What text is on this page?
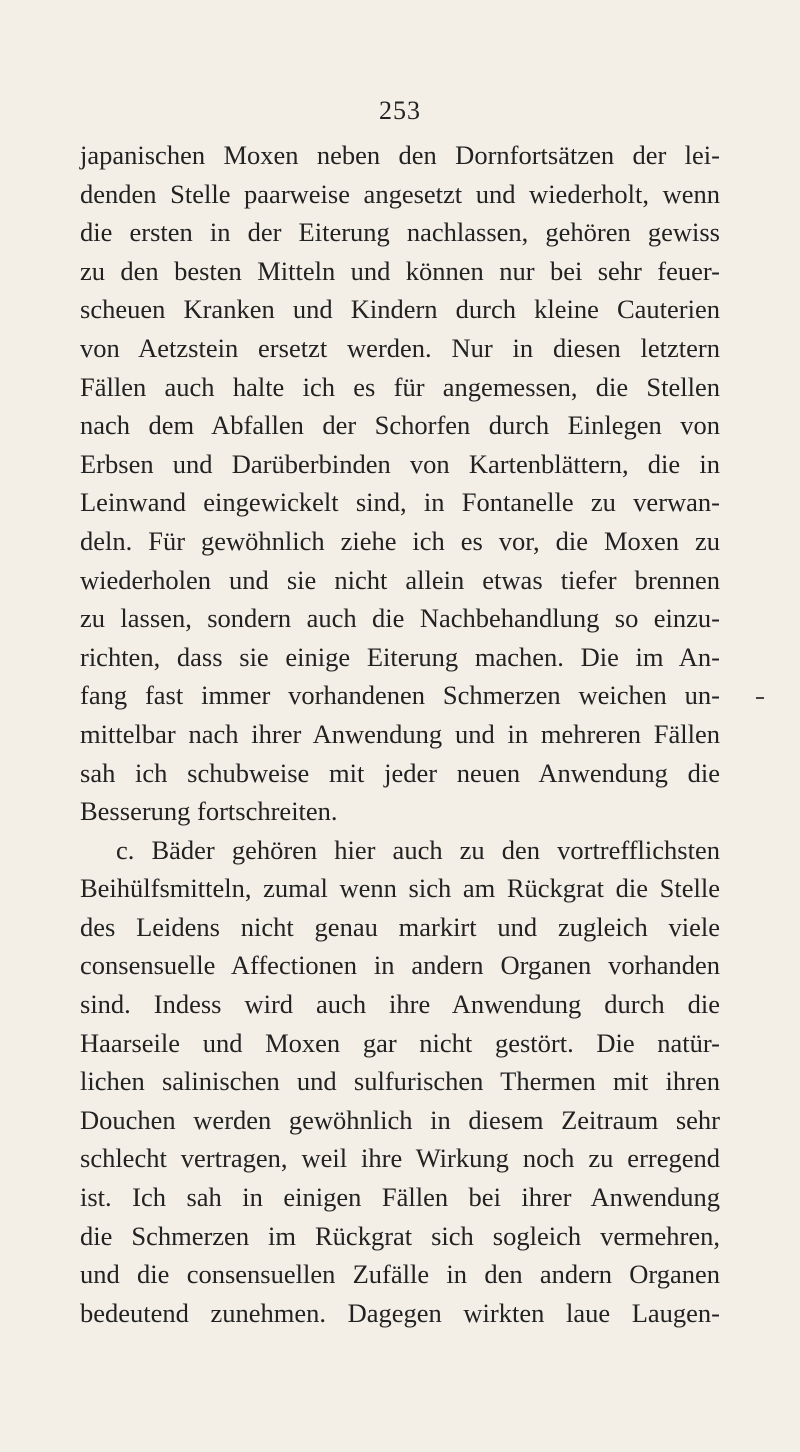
253
japanischen Moxen neben den Dornfortsätzen der lei-
denden Stelle paarweise angesetzt und wiederholt, wenn
die ersten in der Eiterung nachlassen, gehören gewiss
zu den besten Mitteln und können nur bei sehr feuer-
scheuen Kranken und Kindern durch kleine Cauterien
von Aetzstein ersetzt werden. Nur in diesen letztern
Fällen auch halte ich es für angemessen, die Stellen
nach dem Abfallen der Schorfen durch Einlegen von
Erbsen und Darüberbinden von Kartenblättern, die in
Leinwand eingewickelt sind, in Fontanelle zu verwan-
deln. Für gewöhnlich ziehe ich es vor, die Moxen zu
wiederholen und sie nicht allein etwas tiefer brennen
zu lassen, sondern auch die Nachbehandlung so einzu-
richten, dass sie einige Eiterung machen. Die im An-
fang fast immer vorhandenen Schmerzen weichen un-
mittelbar nach ihrer Anwendung und in mehreren Fällen
sah ich schubweise mit jeder neuen Anwendung die
Besserung fortschreiten.
c. Bäder gehören hier auch zu den vortrefflichsten
Beihülfsmitteln, zumal wenn sich am Rückgrat die Stelle
des Leidens nicht genau markirt und zugleich viele
consensuelle Affectionen in andern Organen vorhanden
sind. Indess wird auch ihre Anwendung durch die
Haarseile und Moxen gar nicht gestört. Die natür-
lichen salinischen und sulfurischen Thermen mit ihren
Douchen werden gewöhnlich in diesem Zeitraum sehr
schlecht vertragen, weil ihre Wirkung noch zu erregend
ist. Ich sah in einigen Fällen bei ihrer Anwendung
die Schmerzen im Rückgrat sich sogleich vermehren,
und die consensuellen Zufälle in den andern Organen
bedeutend zunehmen. Dagegen wirkten laue Laugen-
